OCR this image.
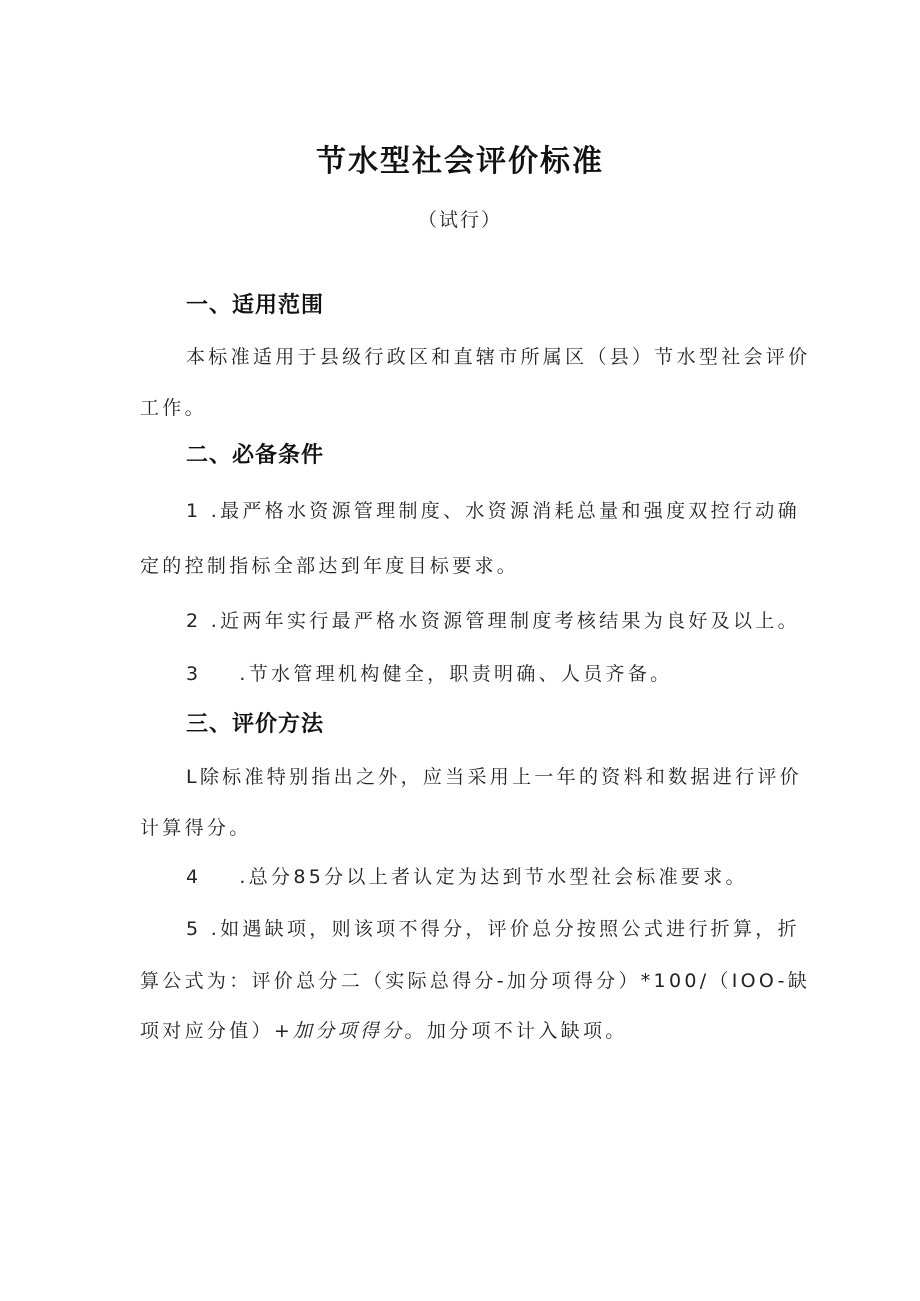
节水型社会评价标准
（试行）
一、适用范围
本标准适用于县级行政区和直辖市所属区（县）节水型社会评价
工作。
二、必备条件
1 .最严格水资源管理制度、水资源消耗总量和强度双控行动确
定的控制指标全部达到年度目标要求。
2 .近两年实行最严格水资源管理制度考核结果为良好及以上。
3 .节水管理机构健全，职责明确、人员齐备。
三、评价方法
L除标准特别指出之外，应当采用上一年的资料和数据进行评价
计算得分。
4 .总分85分以上者认定为达到节水型社会标准要求。
5 .如遇缺项，则该项不得分，评价总分按照公式进行折算，折
算公式为：评价总分二（实际总得分-加分项得分）*100/（IOO-缺
项对应分值）+加分项得分。加分项不计入缺项。
